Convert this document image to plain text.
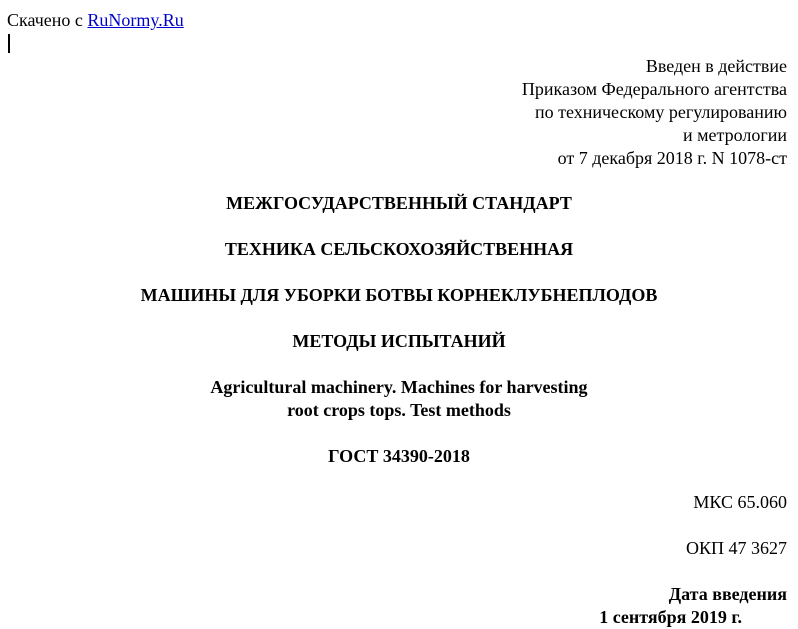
Скачено с RuNormy.Ru
Введен в действие
Приказом Федерального агентства
по техническому регулированию
и метрологии
от 7 декабря 2018 г. N 1078-ст
МЕЖГОСУДАРСТВЕННЫЙ СТАНДАРТ
ТЕХНИКА СЕЛЬСКОХОЗЯЙСТВЕННАЯ
МАШИНЫ ДЛЯ УБОРКИ БОТВЫ КОРНЕКЛУБНЕПЛОДОВ
МЕТОДЫ ИСПЫТАНИЙ
Agricultural machinery. Machines for harvesting
root crops tops. Test methods
ГОСТ 34390-2018
МКС 65.060
ОКП 47 3627
Дата введения
1 сентября 2019 г.
